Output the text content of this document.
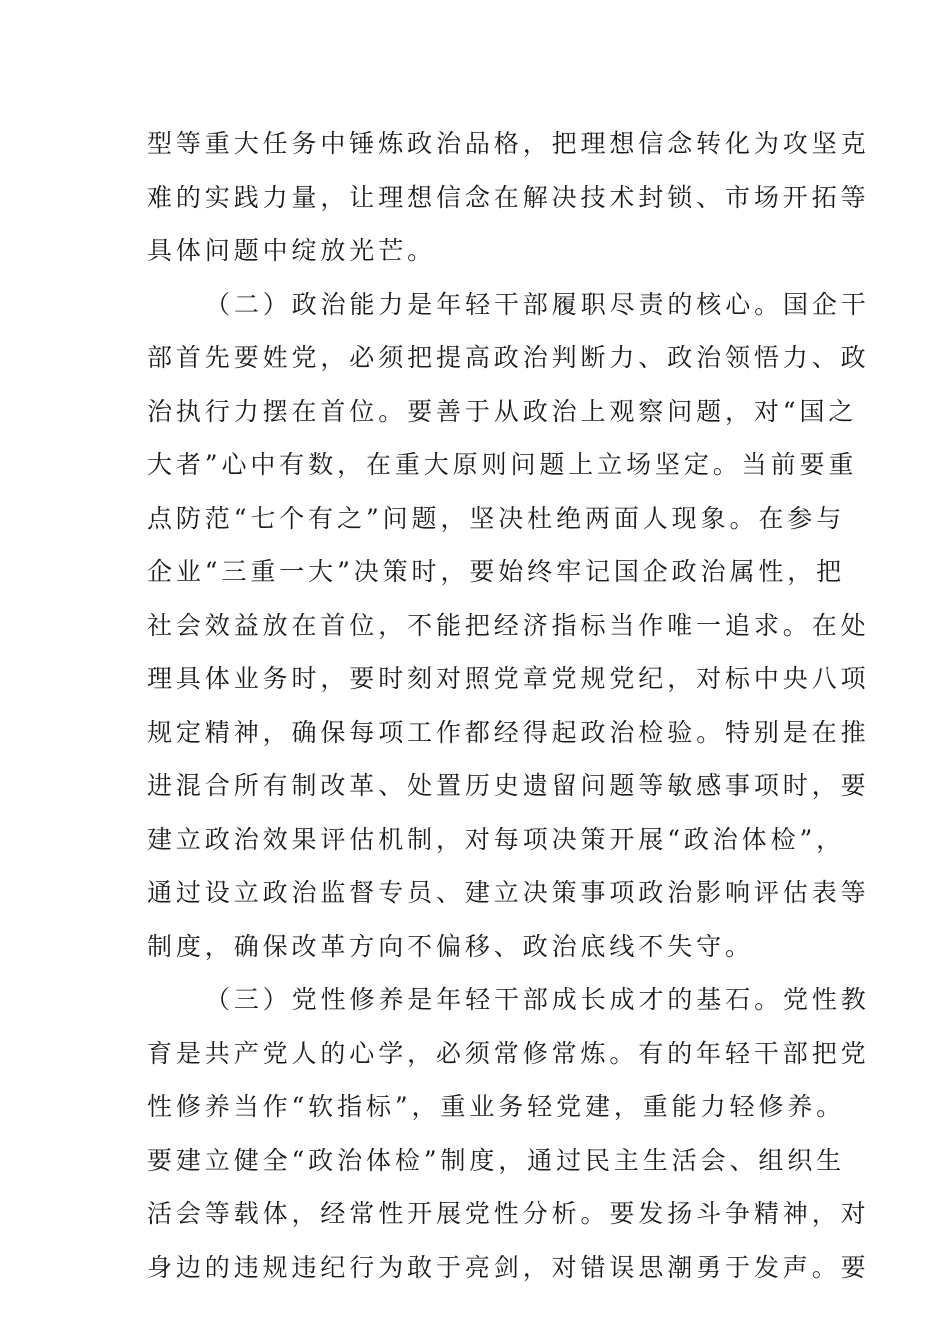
型等重大任务中锤炼政治品格，把理想信念转化为攻坚克

难的实践力量，让理想信念在解决技术封锁、市场开拓等

具体问题中绽放光芒。

（二）政治能力是年轻干部履职尽责的核心。国企干

部首先要姓党，必须把提高政治判断力、政治领悟力、政

治执行力摆在首位。要善于从政治上观察问题，对“国之

大者”心中有数，在重大原则问题上立场坚定。当前要重

点防范“七个有之”问题，坚决杜绝两面人现象。在参与

企业“三重一大”决策时，要始终牢记国企政治属性，把

社会效益放在首位，不能把经济指标当作唯一追求。在处

理具体业务时，要时刻对照党章党规党纪，对标中央八项

规定精神，确保每项工作都经得起政治检验。特别是在推

进混合所有制改革、处置历史遗留问题等敏感事项时，要

建立政治效果评估机制，对每项决策开展“政治体检”，

通过设立政治监督专员、建立决策事项政治影响评估表等

制度，确保改革方向不偏移、政治底线不失守。

（三）党性修养是年轻干部成长成才的基石。党性教

育是共产党人的心学，必须常修常炼。有的年轻干部把党

性修养当作“软指标”，重业务轻党建，重能力轻修养。

要建立健全“政治体检”制度，通过民主生活会、组织生

活会等载体，经常性开展党性分析。要发扬斗争精神，对

身边的违规违纪行为敢于亮剑，对错误思潮勇于发声。要
